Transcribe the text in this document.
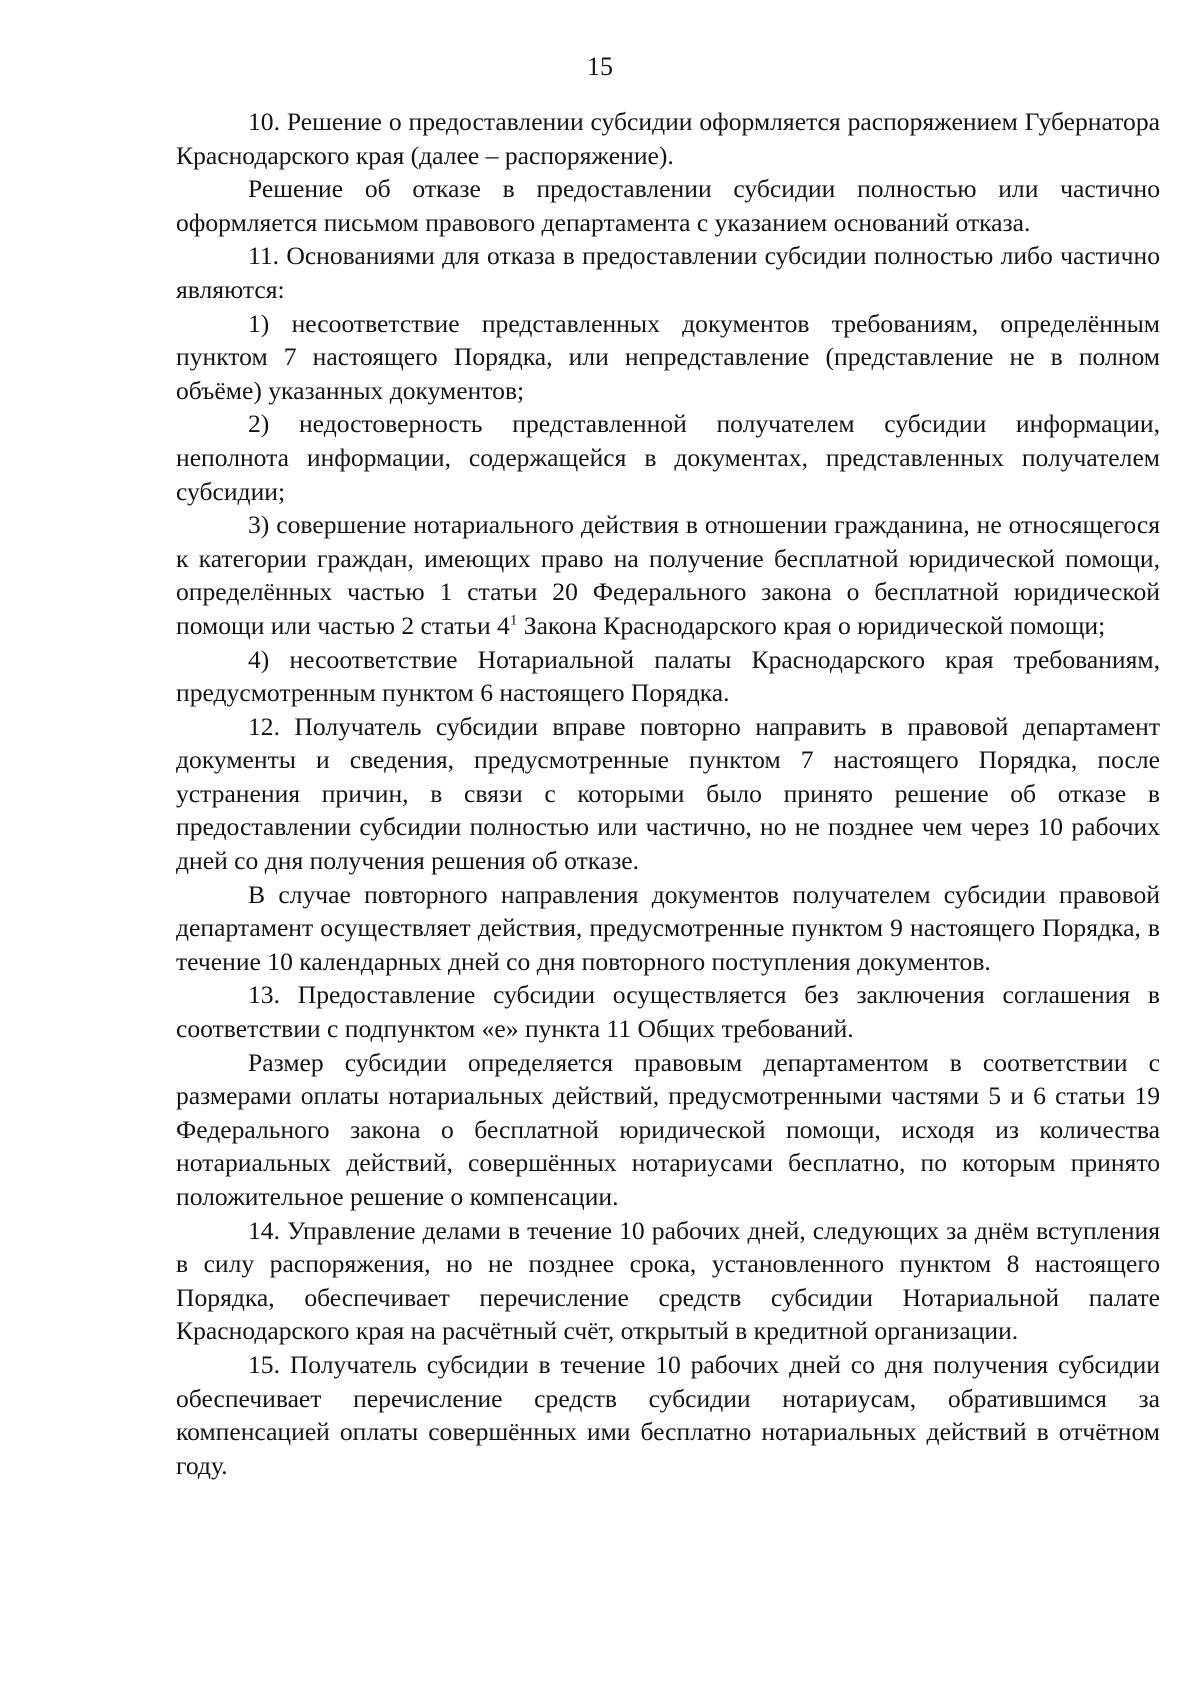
15

10. Решение о предоставлении субсидии оформляется распоряжением Губернатора Краснодарского края (далее – распоряжение).

Решение об отказе в предоставлении субсидии полностью или частично оформляется письмом правового департамента с указанием оснований отказа.

11. Основаниями для отказа в предоставлении субсидии полностью либо частично являются:

1) несоответствие представленных документов требованиям, определённым пунктом 7 настоящего Порядка, или непредставление (представление не в полном объёме) указанных документов;

2) недостоверность представленной получателем субсидии информации, неполнота информации, содержащейся в документах, представленных получателем субсидии;

3) совершение нотариального действия в отношении гражданина, не относящегося к категории граждан, имеющих право на получение бесплатной юридической помощи, определённых частью 1 статьи 20 Федерального закона о бесплатной юридической помощи или частью 2 статьи $4^1$ Закона Краснодарского края о юридической помощи;

4) несоответствие Нотариальной палаты Краснодарского края требованиям, предусмотренным пунктом 6 настоящего Порядка.

12. Получатель субсидии вправе повторно направить в правовой департамент документы и сведения, предусмотренные пунктом 7 настоящего Порядка, после устранения причин, в связи с которыми было принято решение об отказе в предоставлении субсидии полностью или частично, но не позднее чем через 10 рабочих дней со дня получения решения об отказе.

В случае повторного направления документов получателем субсидии правовой департамент осуществляет действия, предусмотренные пунктом 9 настоящего Порядка, в течение 10 календарных дней со дня повторного поступления документов.

13. Предоставление субсидии осуществляется без заключения соглашения в соответствии с подпунктом «е» пункта 11 Общих требований.

Размер субсидии определяется правовым департаментом в соответствии с размерами оплаты нотариальных действий, предусмотренными частями 5 и 6 статьи 19 Федерального закона о бесплатной юридической помощи, исходя из количества нотариальных действий, совершённых нотариусами бесплатно, по которым принято положительное решение о компенсации.

14. Управление делами в течение 10 рабочих дней, следующих за днём вступления в силу распоряжения, но не позднее срока, установленного пунктом 8 настоящего Порядка, обеспечивает перечисление средств субсидии Нотариальной палате Краснодарского края на расчётный счёт, открытый в кредитной организации.

15. Получатель субсидии в течение 10 рабочих дней со дня получения субсидии обеспечивает перечисление средств субсидии нотариусам, обратившимся за компенсацией оплаты совершённых ими бесплатно нотариальных действий в отчётном году.
